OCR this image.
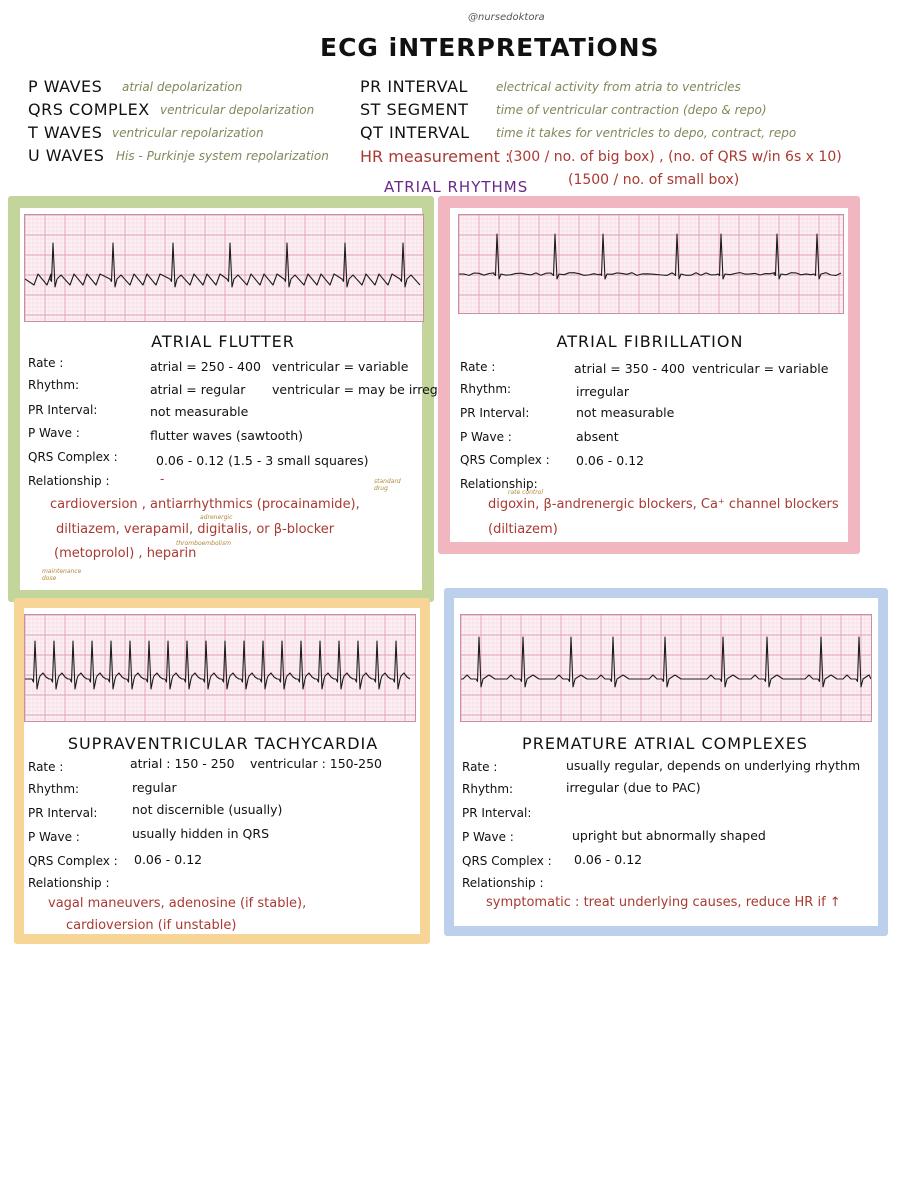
@nursedoktora
ECG iNTERPRETATiONS
P WAVES atrial depolarization
QRS COMPLEX ventricular depolarization
T WAVES ventricular repolarization
U WAVES His - Purkinje system repolarization
PR INTERVAL electrical activity from atria to ventricles
ST SEGMENT time of ventricular contraction (depo & repo)
QT INTERVAL time it takes for ventricles to depo, contract, repo
HR measurement :
(300 / no. of big box) , (no. of QRS w/in 6s x 10)
(1500 / no. of small box)
ATRIAL RHYTHMS
ATRIAL FLUTTER
Rate :	atrial = 250 - 400 ventricular = variable
Rhythm:	atrial = regular ventricular = may be irreg
PR Interval:	not measurable
P Wave :	flutter waves (sawtooth)
QRS Complex :	0.06 - 0.12 (1.5 - 3 small squares)
Relationship :	-	standard drug
cardioversion , antiarrhythmics (procainamide),
adrenergic
diltiazem, verapamil, digitalis, or β-blocker
thromboembolism
(metoprolol) , heparin
maintenance dose
ATRIAL FIBRILLATION
Rate :	atrial = 350 - 400 ventricular = variable
Rhythm:	irregular
PR Interval:	not measurable
P Wave :	absent
QRS Complex : 0.06 - 0.12
Relationship:
rate control
digoxin, β-andrenergic blockers, Ca⁺ channel blockers
(diltiazem)
SUPRAVENTRICULAR TACHYCARDIA
Rate :	atrial : 150 - 250 ventricular : 150-250
Rhythm:	regular
PR Interval:	not discernible (usually)
P Wave :	usually hidden in QRS
QRS Complex : 0.06 - 0.12
Relationship :
vagal maneuvers, adenosine (if stable),
cardioversion (if unstable)
PREMATURE ATRIAL COMPLEXES
Rate :	usually regular, depends on underlying rhythm
Rhythm:	irregular (due to PAC)
PR Interval:
P Wave :	upright but abnormally shaped
QRS Complex : 0.06 - 0.12
Relationship :
symptomatic : treat underlying causes, reduce HR if ↑
